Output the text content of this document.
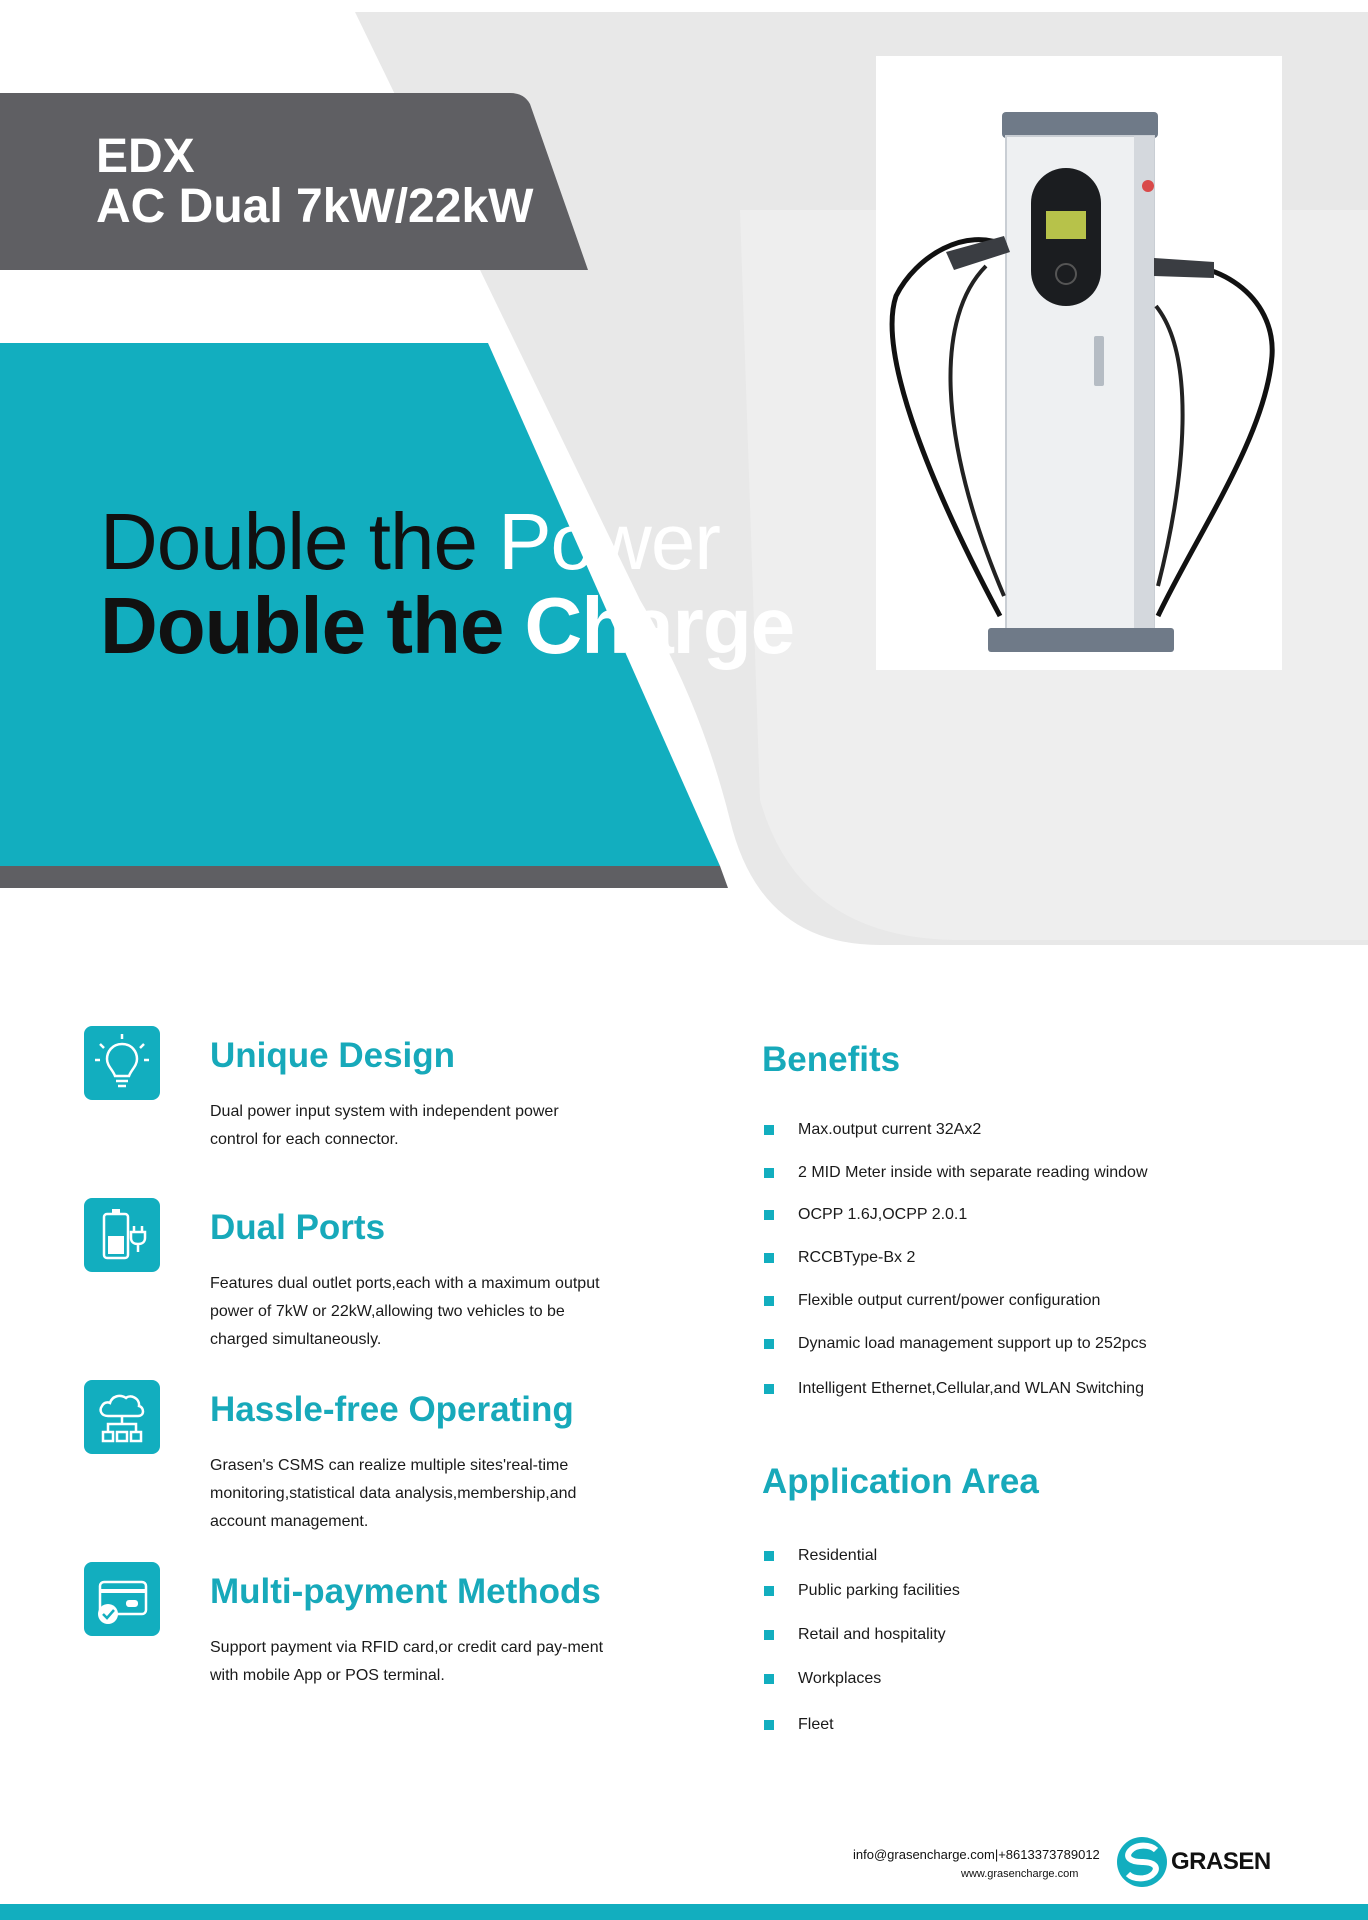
EDX
AC Dual 7kW/22kW
Double the Power
Double the Charge
Unique Design
Dual power input system with independent power control for each connector.
Dual Ports
Features dual outlet ports,each with a maximum output power of 7kW or 22kW,allowing two vehicles to be charged simultaneously.
Hassle-free Operating
Grasen's CSMS can realize multiple sites'real-time monitoring,statistical data analysis,membership,and account management.
Multi-payment Methods
Support payment via RFID card,or credit card pay-ment with mobile App or POS terminal.
Benefits
Max.output current 32Ax2
2 MID Meter inside with separate reading window
OCPP 1.6J,OCPP 2.0.1
RCCBType-Bx 2
Flexible output current/power configuration
Dynamic load management support up to 252pcs
Intelligent Ethernet,Cellular,and WLAN Switching
Application Area
Residential
Public parking facilities
Retail and hospitality
Workplaces
Fleet
info@grasencharge.com|+8613373789012
www.grasencharge.com	GRASEN
